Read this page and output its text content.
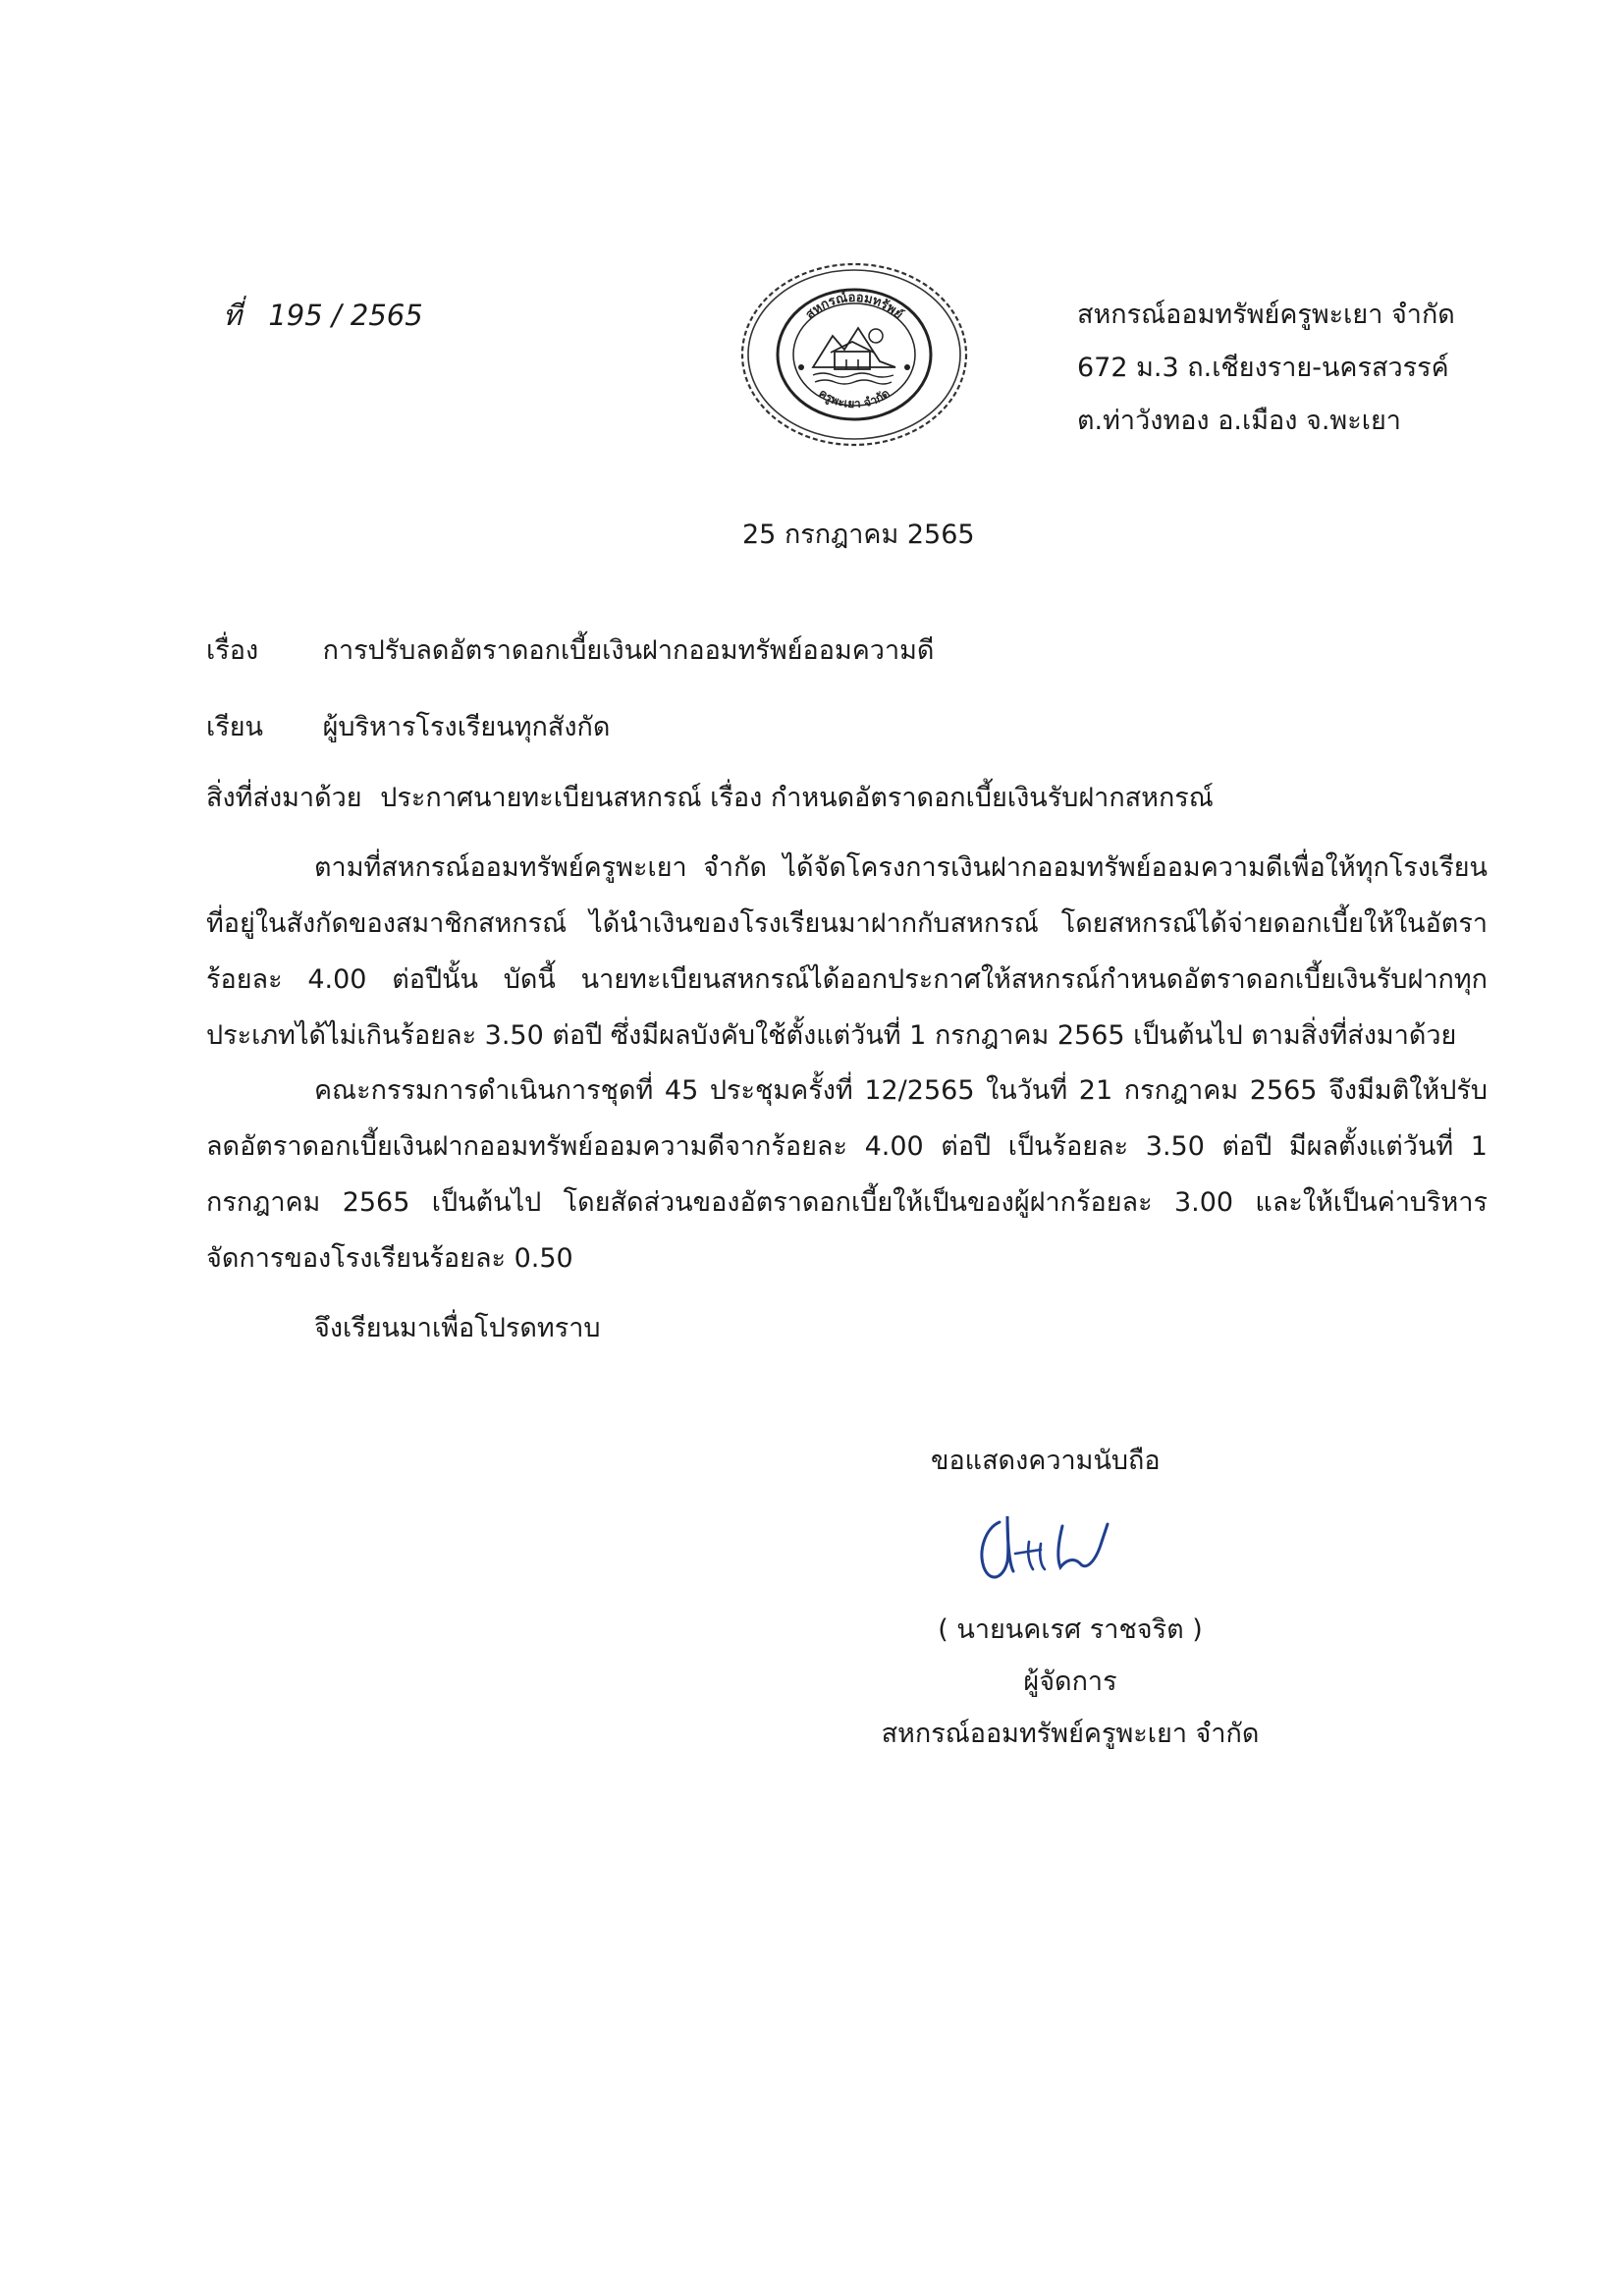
ที่ 195 / 2565	สหกรณ์ออมทรัพย์
ครูพะเยา จำกัด
สหกรณ์ออมทรัพย์ครูพะเยา จำกัด
672 ม.3 ถ.เชียงราย-นครสวรรค์
ต.ท่าวังทอง อ.เมือง จ.พะเยา
25 กรกฎาคม 2565
เรื่อง การปรับลดอัตราดอกเบี้ยเงินฝากออมทรัพย์ออมความดี
เรียน ผู้บริหารโรงเรียนทุกสังกัด
สิ่งที่ส่งมาด้วย ประกาศนายทะเบียนสหกรณ์ เรื่อง กำหนดอัตราดอกเบี้ยเงินรับฝากสหกรณ์
ตามที่สหกรณ์ออมทรัพย์ครูพะเยา จำกัด ได้จัดโครงการเงินฝากออมทรัพย์ออมความดีเพื่อให้ทุกโรงเรียนที่อยู่ในสังกัดของสมาชิกสหกรณ์ ได้นำเงินของโรงเรียนมาฝากกับสหกรณ์ โดยสหกรณ์ได้จ่ายดอกเบี้ยให้ในอัตราร้อยละ 4.00 ต่อปีนั้น บัดนี้ นายทะเบียนสหกรณ์ได้ออกประกาศให้สหกรณ์กำหนดอัตราดอกเบี้ยเงินรับฝากทุกประเภทได้ไม่เกินร้อยละ 3.50 ต่อปี ซึ่งมีผลบังคับใช้ตั้งแต่วันที่ 1 กรกฎาคม 2565 เป็นต้นไป ตามสิ่งที่ส่งมาด้วย
คณะกรรมการดำเนินการชุดที่ 45 ประชุมครั้งที่ 12/2565 ในวันที่ 21 กรกฎาคม 2565 จึงมีมติให้ปรับลดอัตราดอกเบี้ยเงินฝากออมทรัพย์ออมความดีจากร้อยละ 4.00 ต่อปี เป็นร้อยละ 3.50 ต่อปี มีผลตั้งแต่วันที่ 1 กรกฎาคม 2565 เป็นต้นไป โดยสัดส่วนของอัตราดอกเบี้ยให้เป็นของผู้ฝากร้อยละ 3.00 และให้เป็นค่าบริหารจัดการของโรงเรียนร้อยละ 0.50
จึงเรียนมาเพื่อโปรดทราบ
ขอแสดงความนับถือ
( นายนคเรศ ราชจริต )
ผู้จัดการ
สหกรณ์ออมทรัพย์ครูพะเยา จำกัด
